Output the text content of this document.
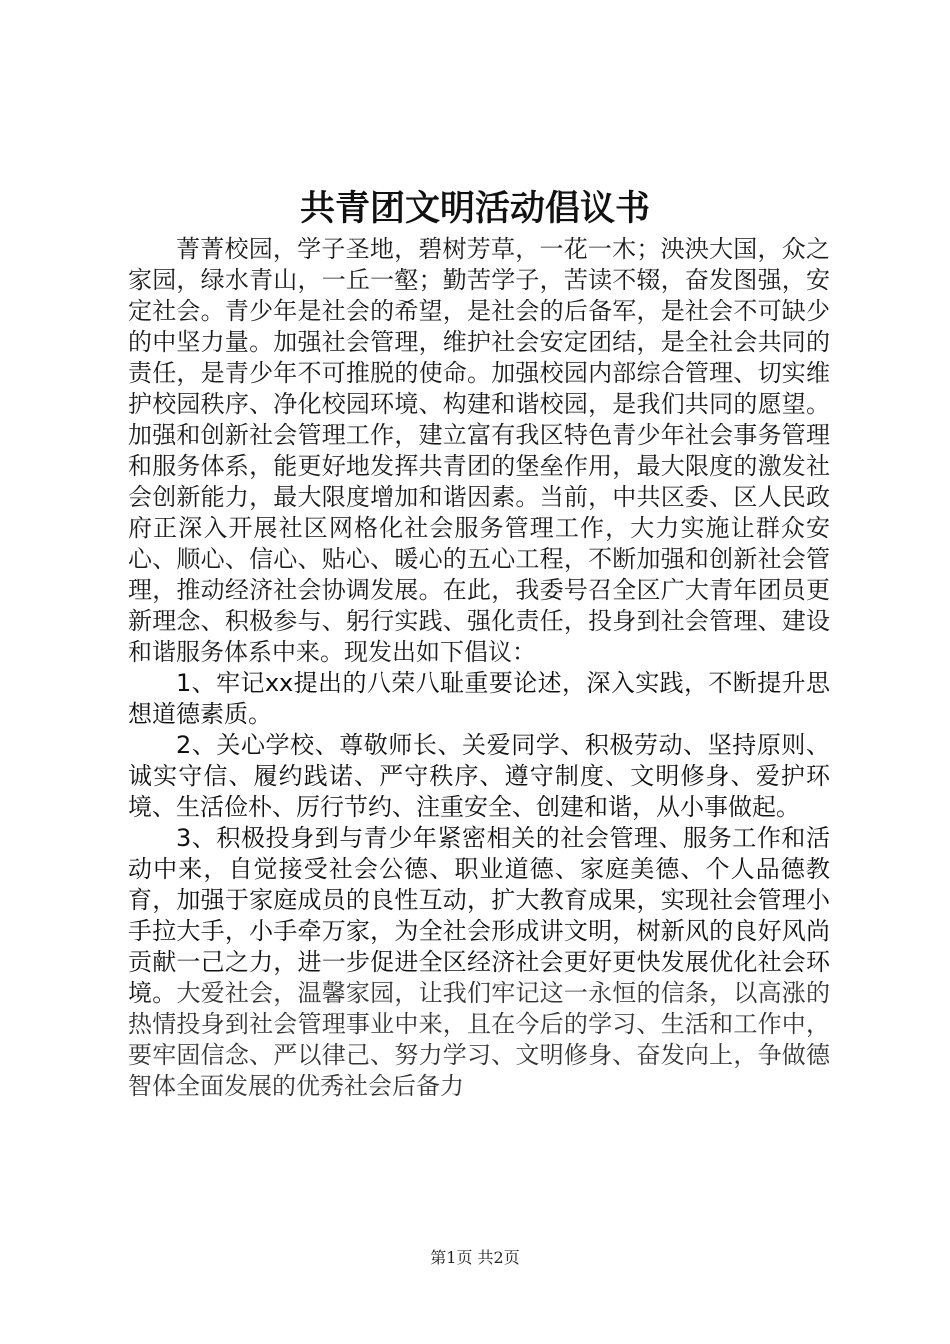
共青团文明活动倡议书

菁菁校园，学子圣地，碧树芳草，一花一木；泱泱大国，众之家园，绿水青山，一丘一壑；勤苦学子，苦读不辍，奋发图强，安定社会。青少年是社会的希望，是社会的后备军，是社会不可缺少的中坚力量。加强社会管理，维护社会安定团结，是全社会共同的责任，是青少年不可推脱的使命。加强校园内部综合管理、切实维护校园秩序、净化校园环境、构建和谐校园，是我们共同的愿望。加强和创新社会管理工作，建立富有我区特色青少年社会事务管理和服务体系，能更好地发挥共青团的堡垒作用，最大限度的激发社会创新能力，最大限度增加和谐因素。当前，中共区委、区人民政府正深入开展社区网格化社会服务管理工作，大力实施让群众安心、顺心、信心、贴心、暖心的五心工程，不断加强和创新社会管理，推动经济社会协调发展。在此，我委号召全区广大青年团员更新理念、积极参与、躬行实践、强化责任，投身到社会管理、建设和谐服务体系中来。现发出如下倡议：

1、牢记xx提出的八荣八耻重要论述，深入实践，不断提升思想道德素质。

2、关心学校、尊敬师长、关爱同学、积极劳动、坚持原则、诚实守信、履约践诺、严守秩序、遵守制度、文明修身、爱护环境、生活俭朴、厉行节约、注重安全、创建和谐，从小事做起。

3、积极投身到与青少年紧密相关的社会管理、服务工作和活动中来，自觉接受社会公德、职业道德、家庭美德、个人品德教育，加强于家庭成员的良性互动，扩大教育成果，实现社会管理小手拉大手，小手牵万家，为全社会形成讲文明，树新风的良好风尚贡献一己之力，进一步促进全区经济社会更好更快发展优化社会环境。大爱社会，温馨家园，让我们牢记这一永恒的信条，以高涨的热情投身到社会管理事业中来，且在今后的学习、生活和工作中，要牢固信念、严以律己、努力学习、文明修身、奋发向上，争做德智体全面发展的优秀社会后备力

第1页 共2页
